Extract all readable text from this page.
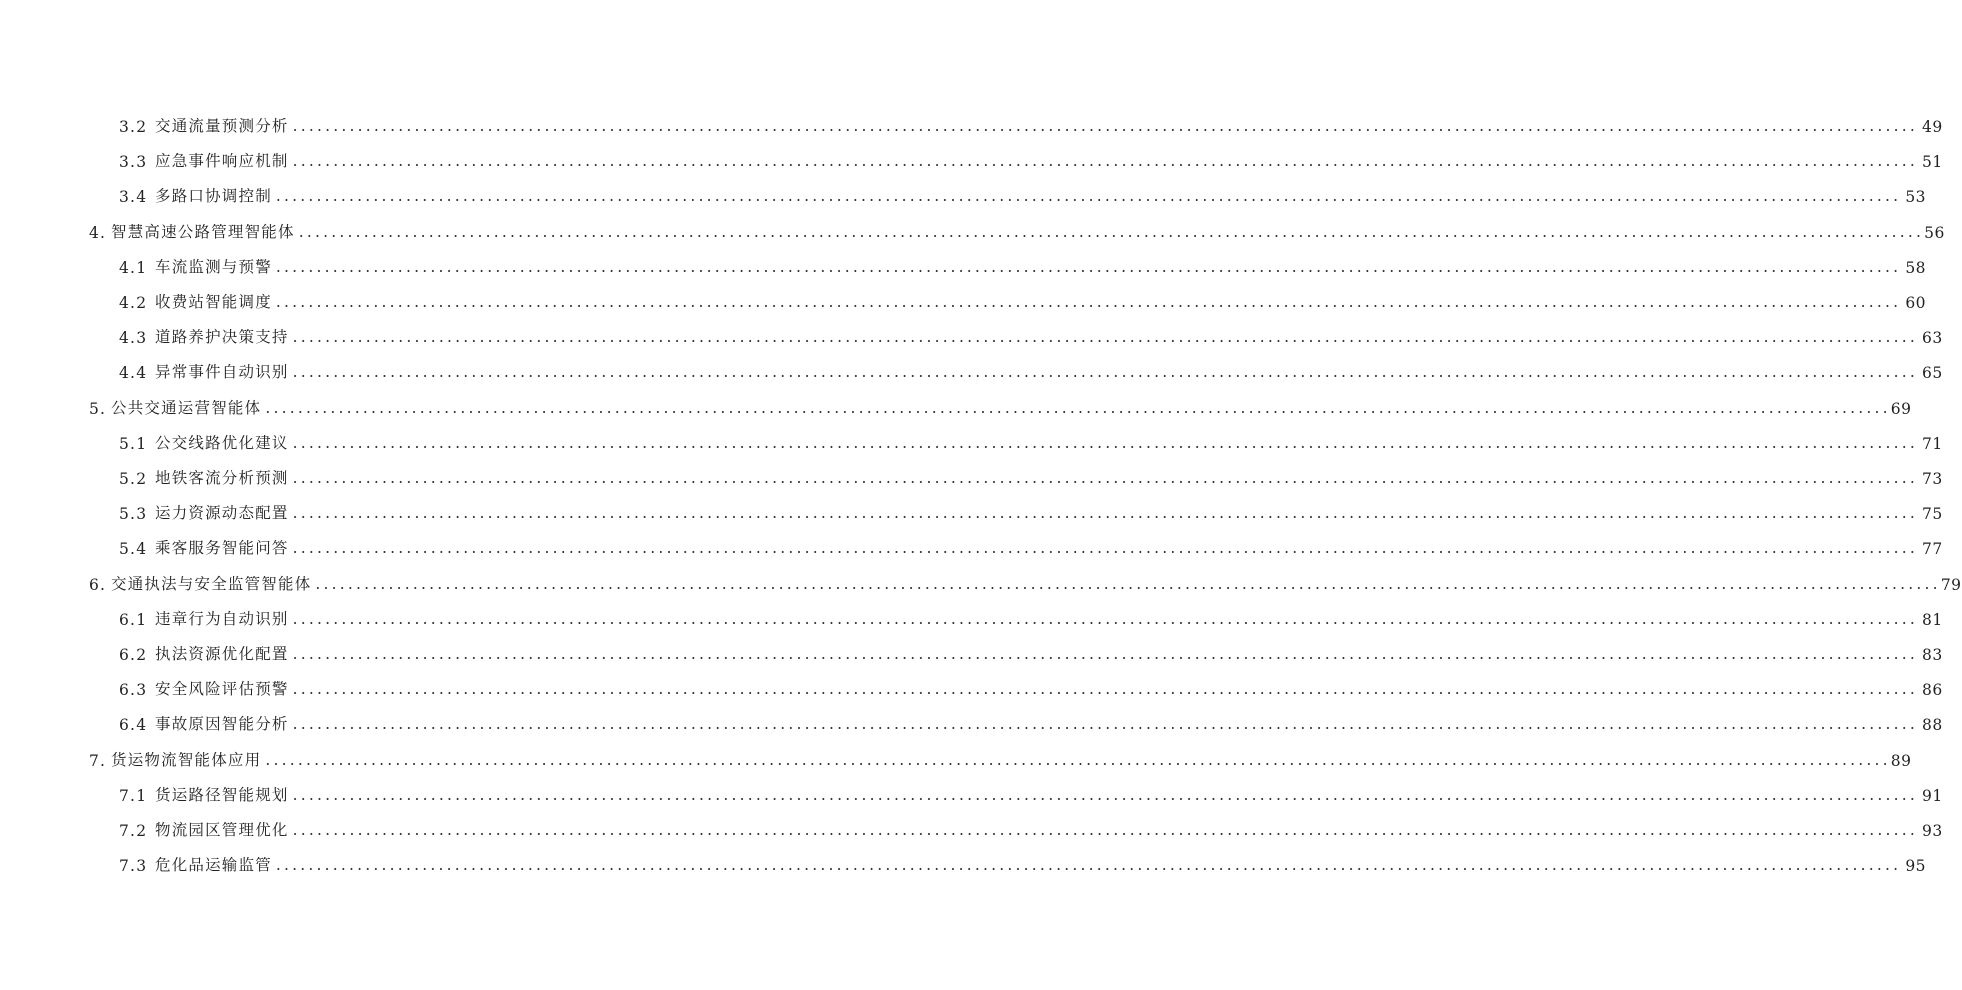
3.2 交通流量预测分析 ........................................................................................................................................................................................................ 49
3.3 应急事件响应机制 ........................................................................................................................................................................................................ 51
3.4 多路口协调控制 ........................................................................................................................................................................................................ 53
4. 智慧高速公路管理智能体 ........................................................................................................................................................................................................ 56
4.1 车流监测与预警 ........................................................................................................................................................................................................ 58
4.2 收费站智能调度 ........................................................................................................................................................................................................ 60
4.3 道路养护决策支持 ........................................................................................................................................................................................................ 63
4.4 异常事件自动识别 ........................................................................................................................................................................................................ 65
5. 公共交通运营智能体 ........................................................................................................................................................................................................ 69
5.1 公交线路优化建议 ........................................................................................................................................................................................................ 71
5.2 地铁客流分析预测 ........................................................................................................................................................................................................ 73
5.3 运力资源动态配置 ........................................................................................................................................................................................................ 75
5.4 乘客服务智能问答 ........................................................................................................................................................................................................ 77
6. 交通执法与安全监管智能体 ........................................................................................................................................................................................................ 79
6.1 违章行为自动识别 ........................................................................................................................................................................................................ 81
6.2 执法资源优化配置 ........................................................................................................................................................................................................ 83
6.3 安全风险评估预警 ........................................................................................................................................................................................................ 86
6.4 事故原因智能分析 ........................................................................................................................................................................................................ 88
7. 货运物流智能体应用 ........................................................................................................................................................................................................ 89
7.1 货运路径智能规划 ........................................................................................................................................................................................................ 91
7.2 物流园区管理优化 ........................................................................................................................................................................................................ 93
7.3 危化品运输监管 ........................................................................................................................................................................................................ 95
